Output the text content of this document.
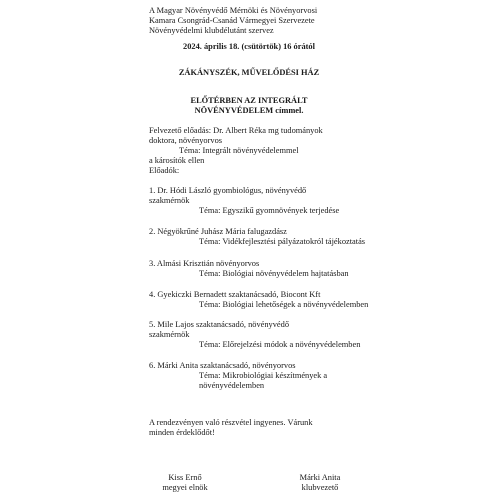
A Magyar Növényvédő Mérnöki és Növényorvosi
Kamara Csongrád-Csanád Vármegyei Szervezete
Növényvédelmi klubdélutánt szervez
2024. április 18. (csütörtök) 16 órától
ZÁKÁNYSZÉK, MŰVELŐDÉSI HÁZ
ELŐTÉRBEN AZ INTEGRÁLT
NÖVÉNYVÉDELEM címmel.
Felvezető előadás: Dr. Albert Réka mg tudományok
doktora, növényorvos
Téma: Integrált növényvédelemmel
a károsítók ellen
Előadók:
1. Dr. Hódi László gyombiológus, növényvédő
szakmérnök
Téma: Egyszikű gyomnövények terjedése
2. Négyökrűné Juhász Mária falugazdász
Téma: Vidékfejlesztési pályázatokról tájékoztatás
3. Almási Krisztián növényorvos
Téma: Biológiai növényvédelem hajtatásban
4. Gyekiczki Bernadett szaktanácsadó, Biocont Kft
Téma: Biológiai lehetőségek a növényvédelemben
5. Mile Lajos szaktanácsadó, növényvédő
szakmérnök
Téma: Előrejelzési módok a növényvédelemben
6. Márki Anita szaktanácsadó, növényorvos
Téma: Mikrobiológiai készítmények a
növényvédelemben
A rendezvényen való részvétel ingyenes. Várunk
minden érdeklődőt!
Kiss Ernő
megyei elnök
Márki Anita
klubvezető
